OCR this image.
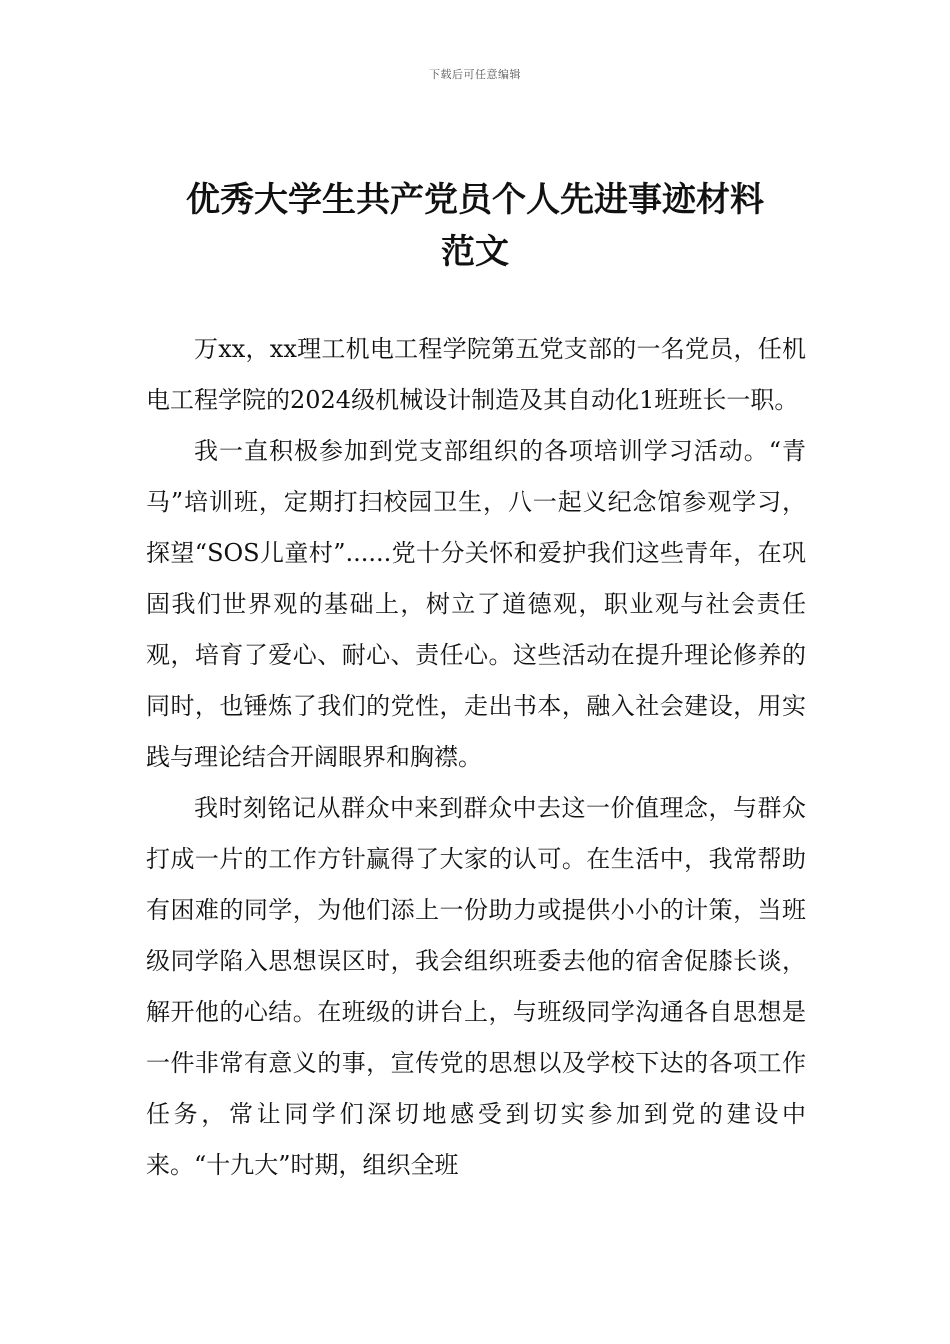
下载后可任意编辑
优秀大学生共产党员个人先进事迹材料
范文

万xx，xx理工机电工程学院第五党支部的一名党员，任机电工程学院的2024级机械设计制造及其自动化1班班长一职。

我一直积极参加到党支部组织的各项培训学习活动。“青马”培训班，定期打扫校园卫生，八一起义纪念馆参观学习，探望“SOS儿童村”......党十分关怀和爱护我们这些青年，在巩固我们世界观的基础上，树立了道德观，职业观与社会责任观，培育了爱心、耐心、责任心。这些活动在提升理论修养的同时，也锤炼了我们的党性，走出书本，融入社会建设，用实践与理论结合开阔眼界和胸襟。

我时刻铭记从群众中来到群众中去这一价值理念，与群众打成一片的工作方针赢得了大家的认可。在生活中，我常帮助有困难的同学，为他们添上一份助力或提供小小的计策，当班级同学陷入思想误区时，我会组织班委去他的宿舍促膝长谈，解开他的心结。在班级的讲台上，与班级同学沟通各自思想是一件非常有意义的事，宣传党的思想以及学校下达的各项工作任务，常让同学们深切地感受到切实参加到党的建设中来。“十九大”时期，组织全班
